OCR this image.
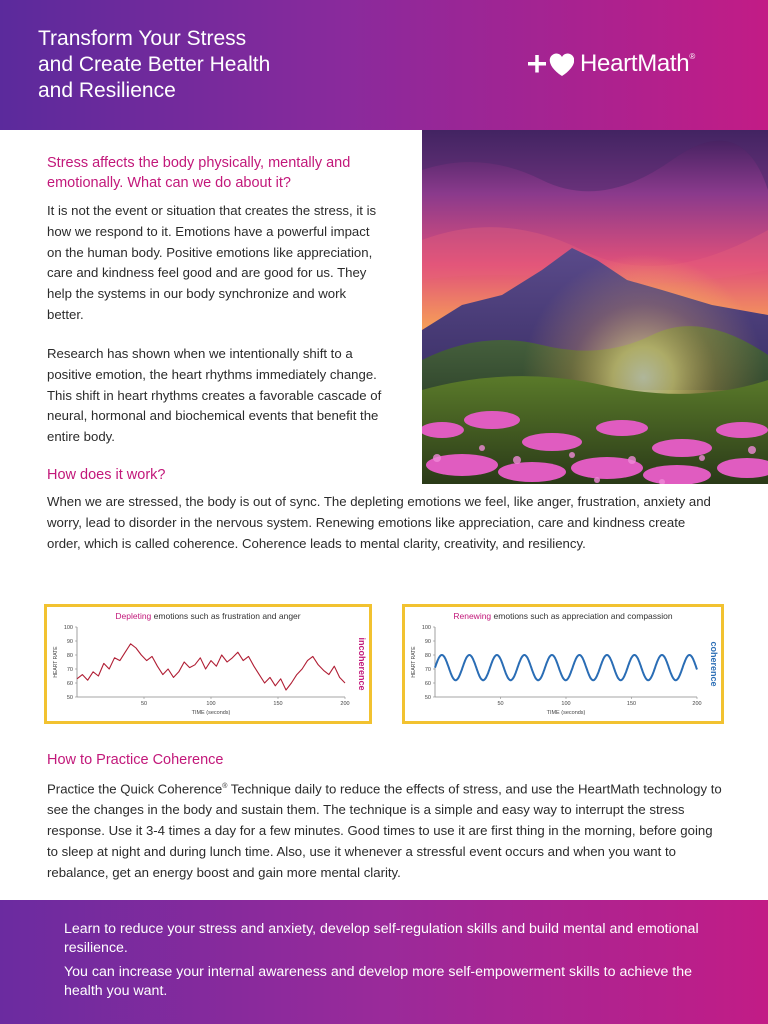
Transform Your Stress
and Create Better Health
and Resilience
HeartMath ®
Stress affects the body physically, mentally and emotionally. What can we do about it?

It is not the event or situation that creates the stress, it is how we respond to it. Emotions have a powerful impact on the human body. Positive emotions like appreciation, care and kindness feel good and are good for us. They help the systems in our body synchronize and work better.

Research has shown when we intentionally shift to a positive emotion, the heart rhythms immediately change. This shift in heart rhythms creates a favorable cascade of neural, hormonal and biochemical events that benefit the entire body.

How does it work?

When we are stressed, the body is out of sync. The depleting emotions we feel, like anger, frustration, anxiety and worry, lead to disorder in the nervous system. Renewing emotions like appreciation, care and kindness create order, which is called coherence. Coherence leads to mental clarity, creativity, and resiliency.

Depleting emotions such as frustration and anger
50
60
70
80
90
100
50	100	150	200
TIME (seconds)
HEART RATE	incoherence
Renewing emotions such as appreciation and compassion
50
60
70
80
90
100
50	100	150	200
TIME (seconds)
HEART RATE	coherence
How to Practice Coherence

Practice the Quick Coherence® Technique daily to reduce the effects of stress, and use the HeartMath technology to see the changes in the body and sustain them. The technique is a simple and easy way to interrupt the stress response. Use it 3-4 times a day for a few minutes. Good times to use it are first thing in the morning, before going to sleep at night and during lunch time. Also, use it whenever a stressful event occurs and when you want to rebalance, get an energy boost and gain more mental clarity.

Learn to reduce your stress and anxiety, develop self-regulation skills and build mental and emotional resilience.

You can increase your internal awareness and develop more self-empowerment skills to achieve the health you want.
